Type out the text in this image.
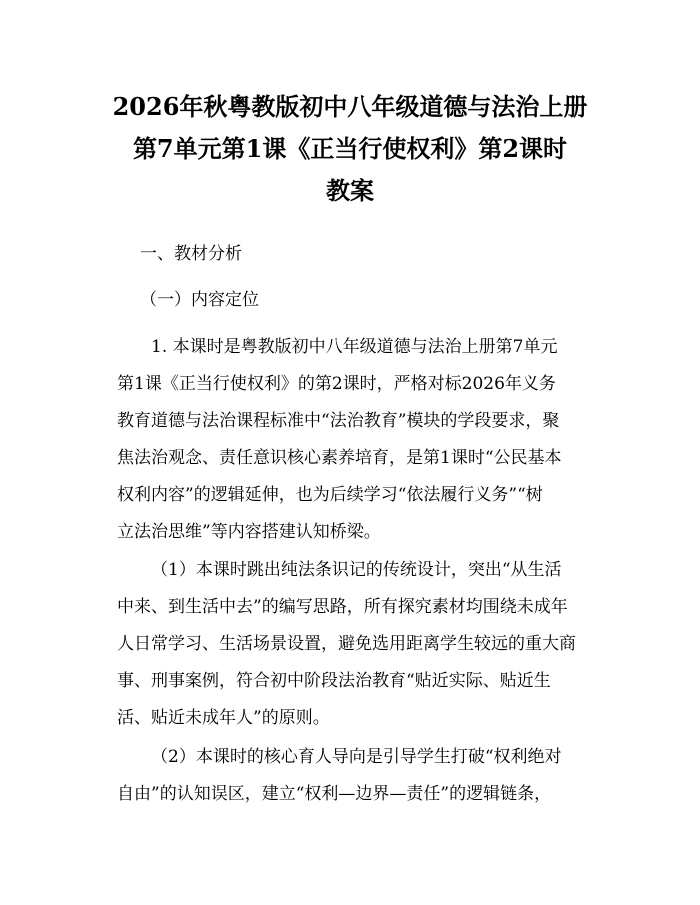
2026年秋粤教版初中八年级道德与法治上册
第7单元第1课《正当行使权利》第2课时
教案
一、教材分析
（一）内容定位
1. 本课时是粤教版初中八年级道德与法治上册第7单元
第1课《正当行使权利》的第2课时，严格对标2026年义务
教育道德与法治课程标准中“法治教育”模块的学段要求，聚
焦法治观念、责任意识核心素养培育，是第1课时“公民基本
权利内容”的逻辑延伸，也为后续学习“依法履行义务”“树
立法治思维”等内容搭建认知桥梁。
（1）本课时跳出纯法条识记的传统设计，突出“从生活
中来、到生活中去”的编写思路，所有探究素材均围绕未成年
人日常学习、生活场景设置，避免选用距离学生较远的重大商
事、刑事案例，符合初中阶段法治教育“贴近实际、贴近生
活、贴近未成年人”的原则。
（2）本课时的核心育人导向是引导学生打破“权利绝对
自由”的认知误区，建立“权利—边界—责任”的逻辑链条，
